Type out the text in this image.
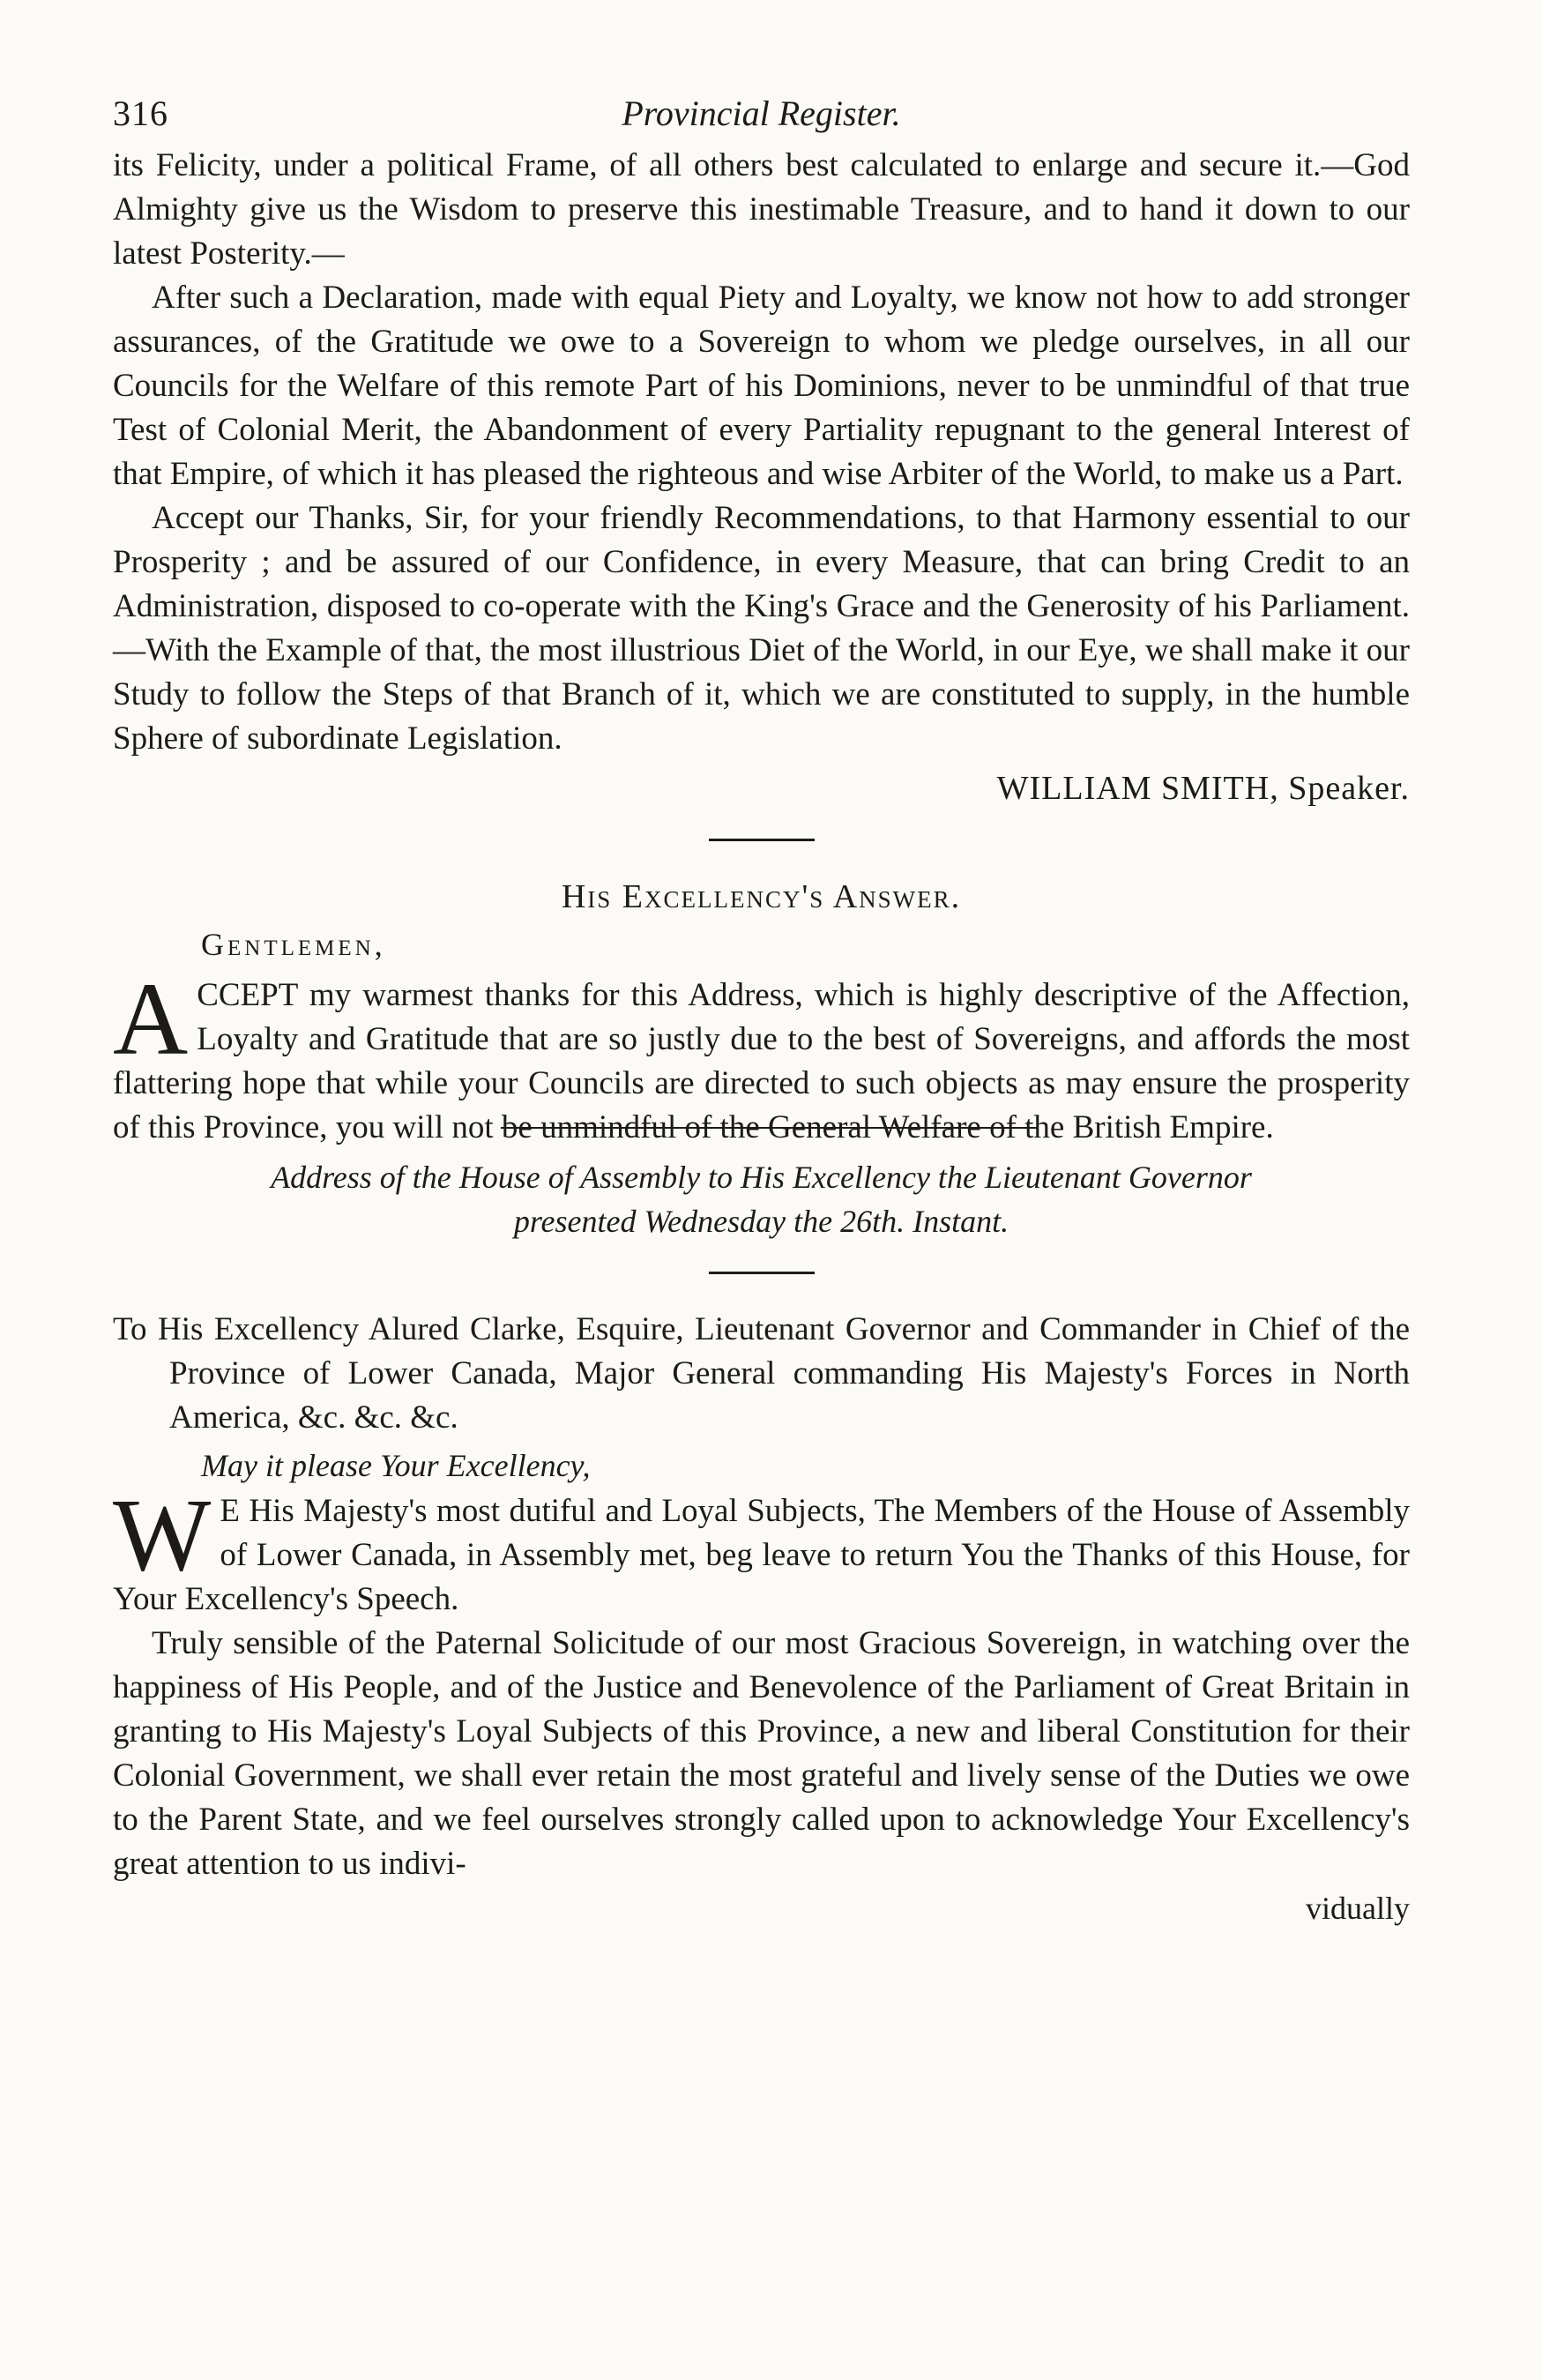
316	Provincial Register.

its Felicity, under a political Frame, of all others best calculated to enlarge and secure it.—God Almighty give us the Wisdom to preserve this inestimable Treasure, and to hand it down to our latest Posterity.—

After such a Declaration, made with equal Piety and Loyalty, we know not how to add stronger assurances, of the Gratitude we owe to a Sovereign to whom we pledge ourselves, in all our Councils for the Welfare of this remote Part of his Dominions, never to be unmindful of that true Test of Colonial Merit, the Abandonment of every Partiality repugnant to the general Interest of that Empire, of which it has pleased the righteous and wise Arbiter of the World, to make us a Part.

Accept our Thanks, Sir, for your friendly Recommendations, to that Harmony essential to our Prosperity ; and be assured of our Confidence, in every Measure, that can bring Credit to an Administration, disposed to co-operate with the King's Grace and the Generosity of his Parliament.—With the Example of that, the most illustrious Diet of the World, in our Eye, we shall make it our Study to follow the Steps of that Branch of it, which we are constituted to supply, in the humble Sphere of subordinate Legislation.

WILLIAM SMITH, Speaker.
His Excellency's Answer.
Gentlemen,
A CCEPT my warmest thanks for this Address, which is highly descriptive of the Affection, Loyalty and Gratitude that are so justly due to the best of Sovereigns, and affords the most flattering hope that while your Councils are directed to such objects as may ensure the prosperity of this Province, you will not be unmindful of the General Welfare of the British Empire.

Address of the House of Assembly to His Excellency the Lieutenant Governor
presented Wednesday the 26th. Instant.

To His Excellency Alured Clarke, Esquire, Lieutenant Governor and Commander in Chief of the Province of Lower Canada, Major General commanding His Majesty's Forces in North America, &c. &c. &c.

May it please Your Excellency,

W E His Majesty's most dutiful and Loyal Subjects, The Members of the House of Assembly of Lower Canada, in Assembly met, beg leave to return You the Thanks of this House, for Your Excellency's Speech.

Truly sensible of the Paternal Solicitude of our most Gracious Sovereign, in watching over the happiness of His People, and of the Justice and Benevolence of the Parliament of Great Britain in granting to His Majesty's Loyal Subjects of this Province, a new and liberal Constitution for their Colonial Government, we shall ever retain the most grateful and lively sense of the Duties we owe to the Parent State, and we feel ourselves strongly called upon to acknowledge Your Excellency's great attention to us indivi-

vidually
